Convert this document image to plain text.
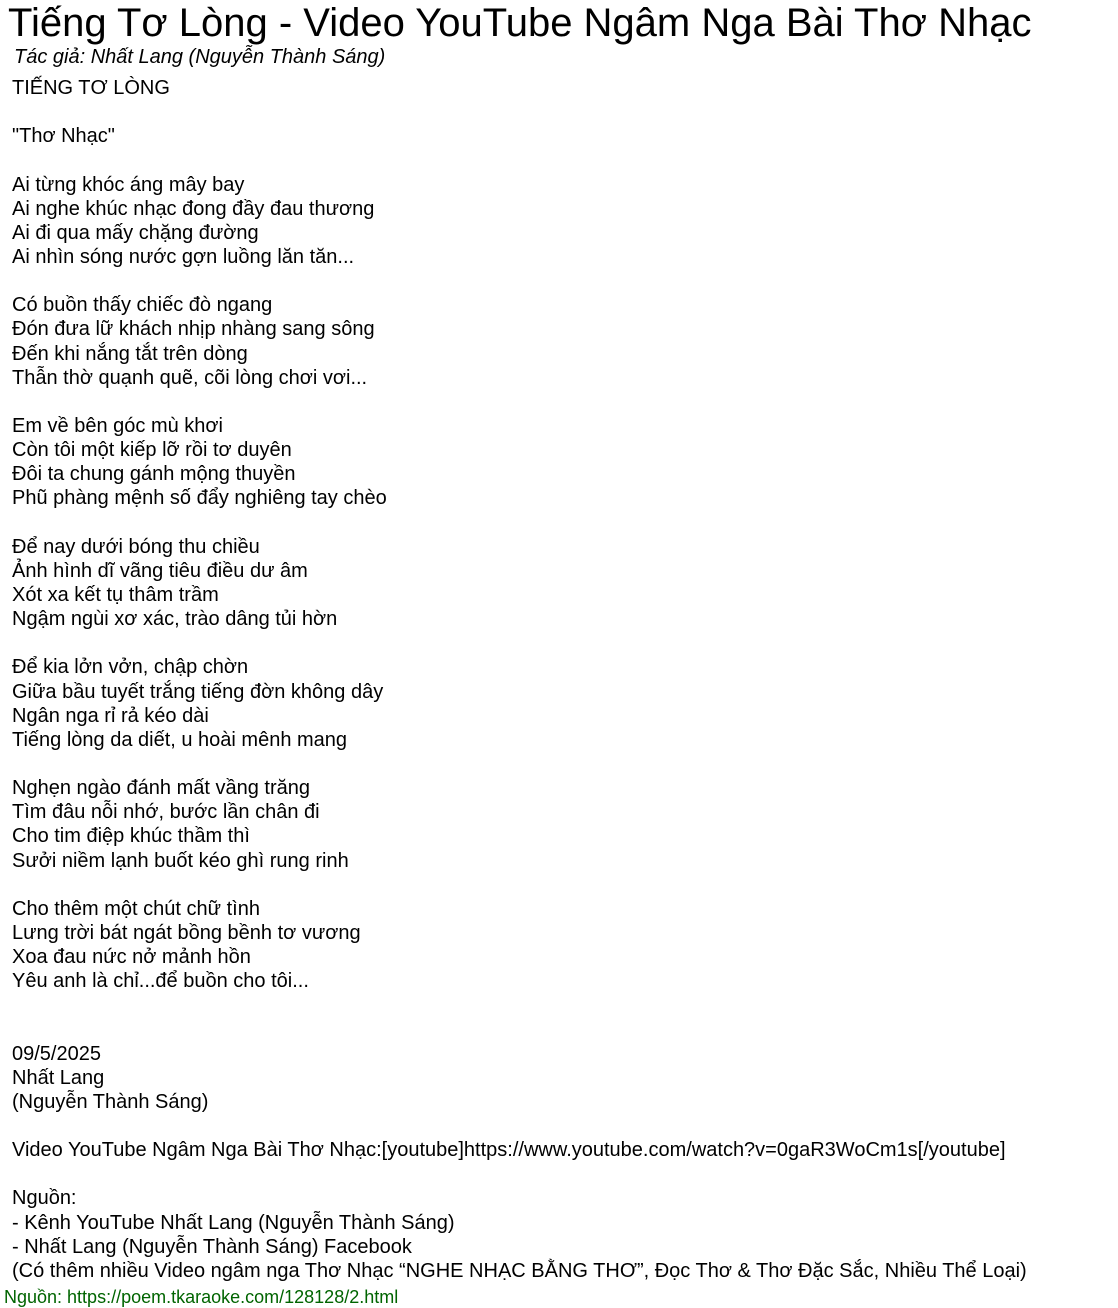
Tiếng Tơ Lòng - Video YouTube Ngâm Nga Bài Thơ Nhạc
Tác giả: Nhất Lang (Nguyễn Thành Sáng)
TIẾNG TƠ LÒNG
"Thơ Nhạc"
Ai từng khóc áng mây bay
Ai nghe khúc nhạc đong đầy đau thương
Ai đi qua mấy chặng đường
Ai nhìn sóng nước gợn luồng lăn tăn...
Có buồn thấy chiếc đò ngang
Đón đưa lữ khách nhịp nhàng sang sông
Đến khi nắng tắt trên dòng
Thẫn thờ quạnh quẽ, cõi lòng chơi vơi...
Em về bên góc mù khơi
Còn tôi một kiếp lỡ rồi tơ duyên
Đôi ta chung gánh mộng thuyền
Phũ phàng mệnh số đẩy nghiêng tay chèo
Để nay dưới bóng thu chiều
Ảnh hình dĩ vãng tiêu điều dư âm
Xót xa kết tụ thâm trầm
Ngậm ngùi xơ xác, trào dâng tủi hờn
Để kia lởn vởn, chập chờn
Giữa bầu tuyết trắng tiếng đờn không dây
Ngân nga rỉ rả kéo dài
Tiếng lòng da diết, u hoài mênh mang
Nghẹn ngào đánh mất vầng trăng
Tìm đâu nỗi nhớ, bước lần chân đi
Cho tim điệp khúc thầm thì
Sưởi niềm lạnh buốt kéo ghì rung rinh
Cho thêm một chút chữ tình
Lưng trời bát ngát bồng bềnh tơ vương
Xoa đau nức nở mảnh hồn
Yêu anh là chỉ...để buồn cho tôi...
09/5/2025
Nhất Lang
(Nguyễn Thành Sáng)
Video YouTube Ngâm Nga Bài Thơ Nhạc:[youtube]https://www.youtube.com/watch?v=0gaR3WoCm1s[/youtube]
Nguồn:
- Kênh YouTube Nhất Lang (Nguyễn Thành Sáng)
- Nhất Lang (Nguyễn Thành Sáng) Facebook
(Có thêm nhiều Video ngâm nga Thơ Nhạc “NGHE NHẠC BẰNG THƠ”, Đọc Thơ & Thơ Đặc Sắc, Nhiều Thể Loại)
Nguồn: https://poem.tkaraoke.com/128128/2.html
